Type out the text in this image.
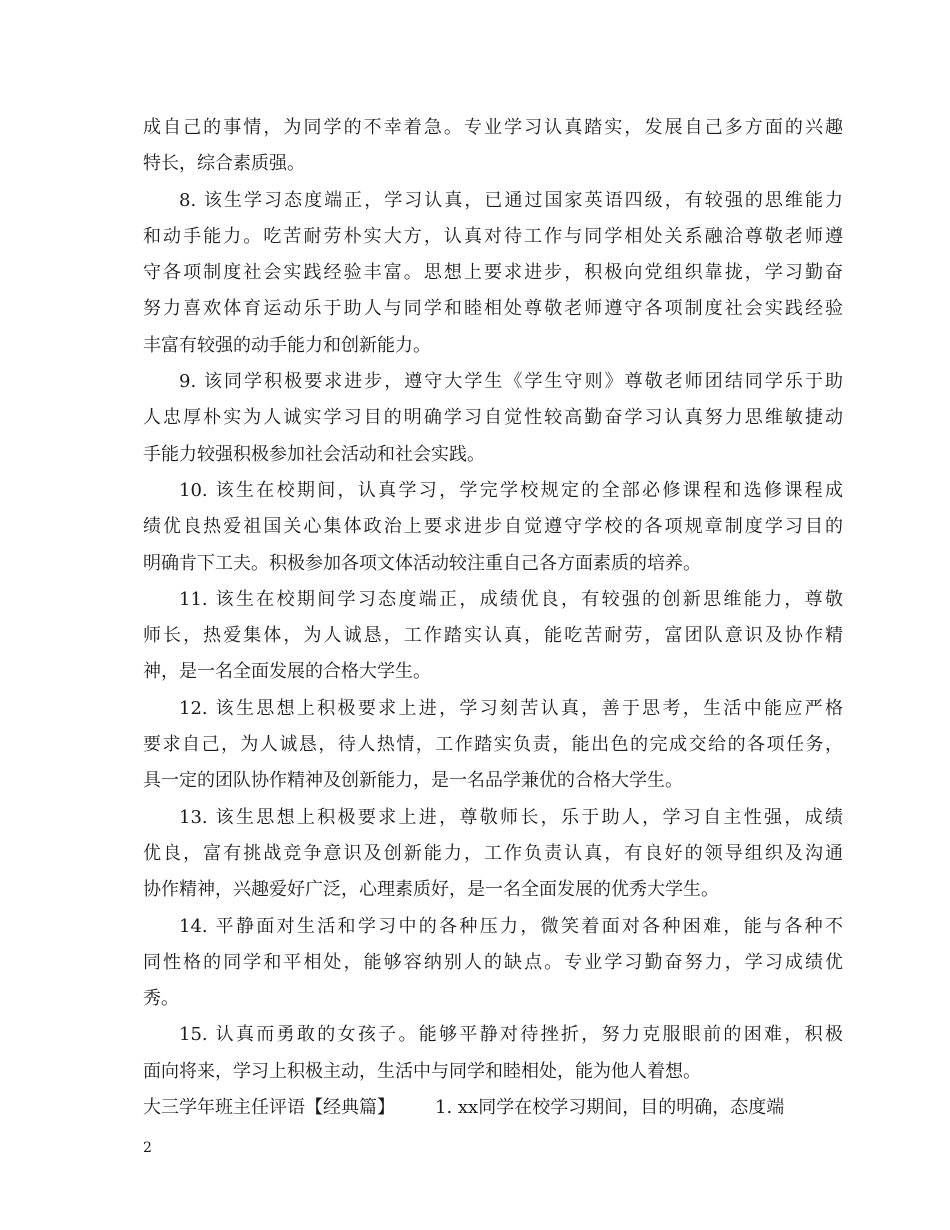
成自己的事情，为同学的不幸着急。专业学习认真踏实，发展自己多方面的兴趣
特长，综合素质强。
8. 该生学习态度端正，学习认真，已通过国家英语四级，有较强的思维能力
和动手能力。吃苦耐劳朴实大方，认真对待工作与同学相处关系融洽尊敬老师遵
守各项制度社会实践经验丰富。思想上要求进步，积极向党组织靠拢，学习勤奋
努力喜欢体育运动乐于助人与同学和睦相处尊敬老师遵守各项制度社会实践经验
丰富有较强的动手能力和创新能力。
9. 该同学积极要求进步，遵守大学生《学生守则》尊敬老师团结同学乐于助
人忠厚朴实为人诚实学习目的明确学习自觉性较高勤奋学习认真努力思维敏捷动
手能力较强积极参加社会活动和社会实践。
10. 该生在校期间，认真学习，学完学校规定的全部必修课程和选修课程成
绩优良热爱祖国关心集体政治上要求进步自觉遵守学校的各项规章制度学习目的
明确肯下工夫。积极参加各项文体活动较注重自己各方面素质的培养。
11. 该生在校期间学习态度端正，成绩优良，有较强的创新思维能力，尊敬
师长，热爱集体，为人诚恳，工作踏实认真，能吃苦耐劳，富团队意识及协作精
神，是一名全面发展的合格大学生。
12. 该生思想上积极要求上进，学习刻苦认真，善于思考，生活中能应严格
要求自己，为人诚恳，待人热情，工作踏实负责，能出色的完成交给的各项任务，
具一定的团队协作精神及创新能力，是一名品学兼优的合格大学生。
13. 该生思想上积极要求上进，尊敬师长，乐于助人，学习自主性强，成绩
优良，富有挑战竞争意识及创新能力，工作负责认真，有良好的领导组织及沟通
协作精神，兴趣爱好广泛，心理素质好，是一名全面发展的优秀大学生。
14. 平静面对生活和学习中的各种压力，微笑着面对各种困难，能与各种不
同性格的同学和平相处，能够容纳别人的缺点。专业学习勤奋努力，学习成绩优
秀。
15. 认真而勇敢的女孩子。能够平静对待挫折，努力克服眼前的困难，积极
面向将来，学习上积极主动，生活中与同学和睦相处，能为他人着想。
大三学年班主任评语【经典篇】 1. xx同学在校学习期间，目的明确，态度端
2
